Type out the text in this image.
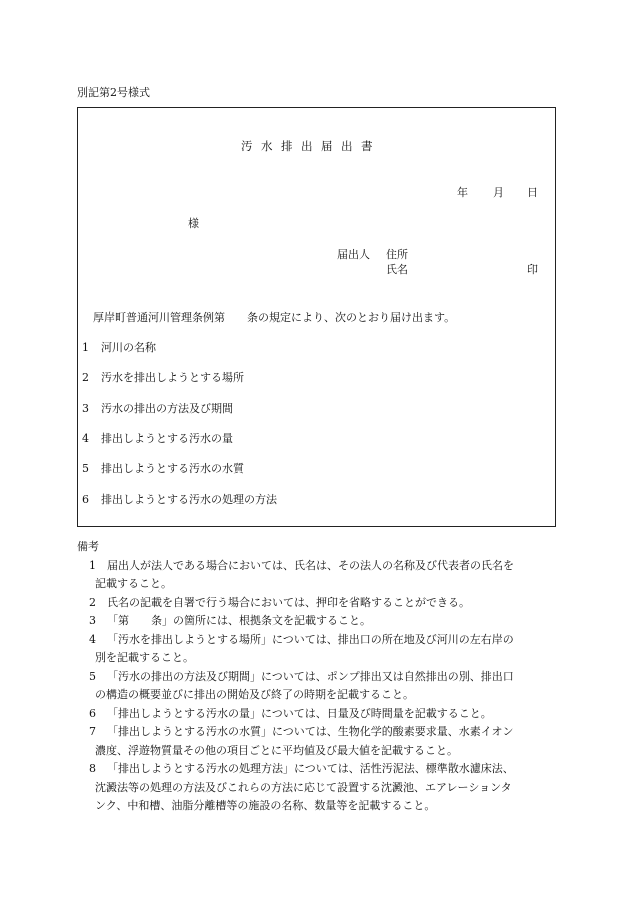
別記第2号様式
汚水排出届出書
年 月 日
様
届出人 住所
氏名	印
厚岸町普通河川管理条例第　　条の規定により、次のとおり届け出ます。
1 河川の名称
2 汚水を排出しようとする場所
3 汚水の排出の方法及び期間
4 排出しようとする汚水の量
5 排出しようとする汚水の水質
6 排出しようとする汚水の処理の方法
備考
1 届出人が法人である場合においては、氏名は、その法人の名称及び代表者の氏名を
記載すること。
2 氏名の記載を自署で行う場合においては、押印を省略することができる。
3 「第　　条」の箇所には、根拠条文を記載すること。
4 「汚水を排出しようとする場所」については、排出口の所在地及び河川の左右岸の
別を記載すること。
5 「汚水の排出の方法及び期間」については、ポンプ排出又は自然排出の別、排出口
の構造の概要並びに排出の開始及び終了の時期を記載すること。
6 「排出しようとする汚水の量」については、日量及び時間量を記載すること。
7 「排出しようとする汚水の水質」については、生物化学的酸素要求量、水素イオン
濃度、浮遊物質量その他の項目ごとに平均値及び最大値を記載すること。
8 「排出しようとする汚水の処理方法」については、活性汚泥法、標準散水濾床法、
沈澱法等の処理の方法及びこれらの方法に応じて設置する沈澱池、エアレーションタ
ンク、中和槽、油脂分離槽等の施設の名称、数量等を記載すること。
